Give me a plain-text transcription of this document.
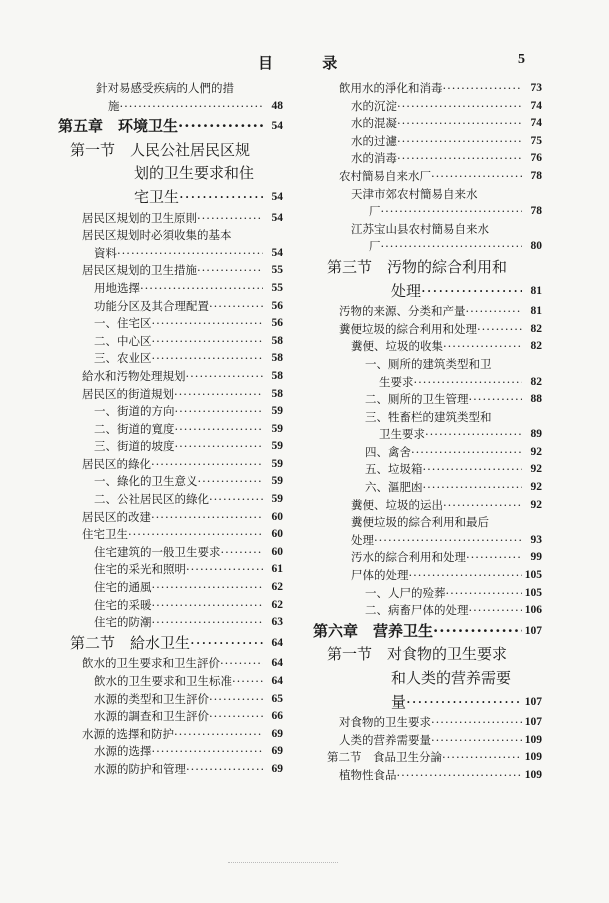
目 录	5
針对易感受疾病的人們的措
施 ·····	48
第五章　环境卫生 ·····	54
第一节　人民公社居民区规
划的卫生要求和住
宅卫生 ·····	54
居民区規划的卫生原則 ·····	54
居民区規划时必須收集的基本
資料 ·····	54
居民区規划的卫生措施 ·····	55
用地选擇 ·····	55
功能分区及其合理配置 ·····	56
一、住宅区 ·····	56
二、中心区 ·····	58
三、农业区 ·····	58
給水和汚物处理規划 ·····	58
居民区的街道規划 ·····	58
一、街道的方向 ·····	59
二、街道的寬度 ·····	59
三、街道的坡度 ·····	59
居民区的綠化 ·····	59
一、綠化的卫生意义 ·····	59
二、公社居民区的綠化 ·····	59
居民区的改建 ·····	60
住宅卫生 ·····	60
住宅建筑的一般卫生要求 ·····	60
住宅的采光和照明 ·····	61
住宅的通風 ·····	62
住宅的采暖 ·····	62
住宅的防潮 ·····	63
第二节　給水卫生 ·····	64
飲水的卫生要求和卫生評价 ·····	64
飲水的卫生要求和卫生标准 ·····	64
水源的类型和卫生評价 ·····	65
水源的調查和卫生評价 ·····	66
水源的选擇和防护 ·····	69
水源的选擇 ·····	69
水源的防护和管理 ·····	69
飲用水的淨化和消毒 ·····	73
水的沉淀 ·····	74
水的混凝 ·····	74
水的过濾 ·····	75
水的消毒 ·····	76
农村簡易自来水厂 ·····	78
天津市郊农村簡易自来水
厂 ·····	78
江苏宝山县农村簡易自来水
厂 ·····	80
第三节　汚物的綜合利用和
处理 ·····	81
汚物的来源、分类和产量 ·····	81
糞便垃圾的綜合利用和处理 ·····	82
糞便、垃圾的收集 ·····	82
一、厕所的建筑类型和卫
生要求 ·····	82
二、厕所的卫生管理 ·····	88
三、牲畜栏的建筑类型和
卫生要求 ·····	89
四、禽舍 ·····	92
五、垃圾箱 ·····	92
六、漚肥凼 ·····	92
糞便、垃圾的运出 ·····	92
糞便垃圾的綜合利用和最后
处理 ·····	93
汚水的綜合利用和处理 ·····	99
尸体的处理 ·····	105
一、人尸的殓葬 ·····	105
二、病畜尸体的处理 ·····	106
第六章　营养卫生 ·····	107
第一节　对食物的卫生要求
和人类的营养需要
量 ·····	107
对食物的卫生要求 ·····	107
人类的营养需要量 ·····	109
第二节　食品卫生分論 ·····	109
植物性食品 ·····	109
